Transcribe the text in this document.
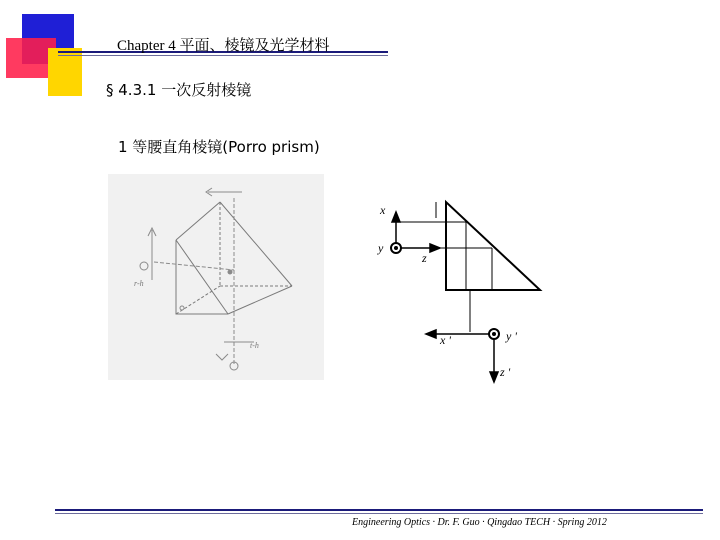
Chapter 4 平面、棱镜及光学材料
§ 4.3.1 一次反射棱镜
1 等腰直角棱镜(Porro prism)
r-h
t-h
x
y
z
x '	y '
z '
Engineering Optics · Dr. F. Guo · Qingdao TECH · Spring 2012
